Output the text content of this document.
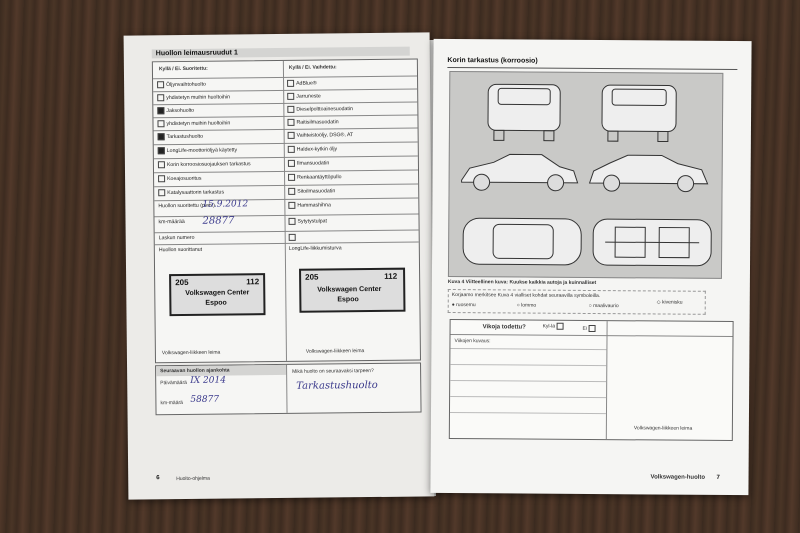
Huollon leimausruudut 1
Kyllä / Ei. Suoritettu:	Kyllä / Ei. Vaihdettu:
Öljynvaihtohuolto	AdBlue®
yhdistetyn muihin huoltoihin	Jarruneste
Jaksohuolto	Dieselpolttoainesuodatin
yhdistetyn muihin huoltoihin	Raitisilmasuodatin
Tarkastushuolto	Vaihteistoöljy, DSG®, AT
LongLife-moottoriöljyä käytetty	Haldex-kytkin öljy
Korin korroosiosuojauksen tarkastus	Ilmansuodatin
Koeajosuoritus	Renkaantäyttöpullo
Katalysaattorin tarkastus	Sitoilmasuodatin
Huollon suoritettu (pvm.)	Hammashihna
km-määrää	Sytytystulpat
Laskun numero
Huollon suorittanut	LongLife-liikkumisturva
15.9.2012
28877
205	112
Volkswagen Center
Espoo
205	112
Volkswagen Center
Espoo
Volkswagen-liikkeen leima	Volkswagen-liikkeen leima
Seuraavan huollon ajankohta
Päivämäärä IX 2014
km-määrä 58877
Mikä huolto on seuraavaksi tarpeen?
Tarkastushuolto
6	Huolto-ohjelma
Korin tarkastus (korroosio)
Kuva 4 Viitteellinen kuva: Kuukse kaikkia autoja ja kuinnalliset
Korjaamo merkitsee Kuva 4 vialliset kohdat seuraavilla symboleilla.
● ruosemu	○ lommo	○ maalivaurio
◇ kivenisku
Vikoja todettu?	Kyl-lä	Ei
Viikojen kuvaus:
Volkswagen-liikkeen leima
Volkswagen-huolto 7
